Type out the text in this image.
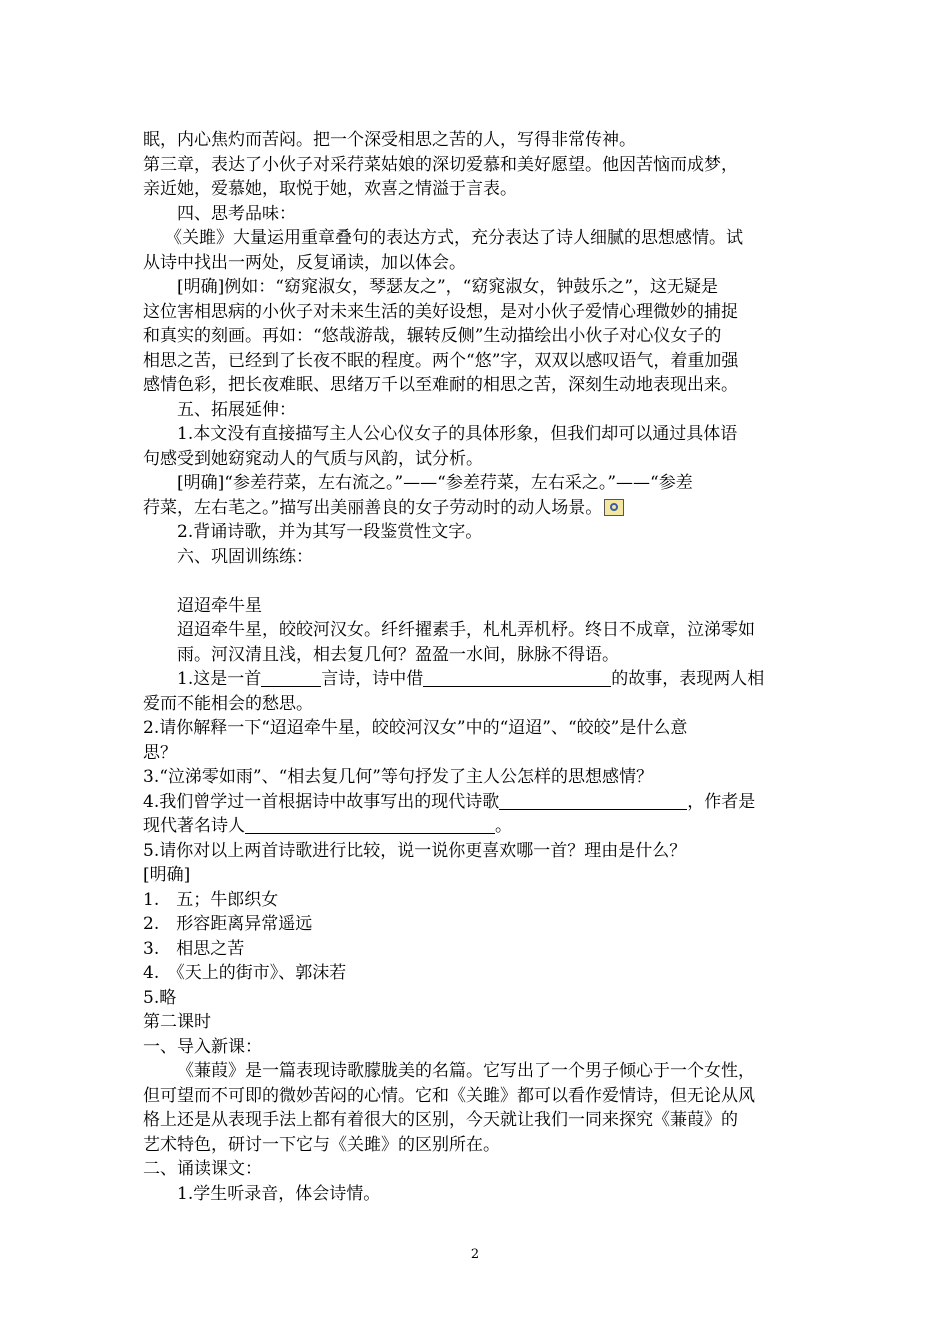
眠，内心焦灼而苦闷。把一个深受相思之苦的人，写得非常传神。
第三章，表达了小伙子对采荇菜姑娘的深切爱慕和美好愿望。他因苦恼而成梦，
亲近她，爱慕她，取悦于她，欢喜之情溢于言表。
四、思考品味：
《关雎》大量运用重章叠句的表达方式，充分表达了诗人细腻的思想感情。试
从诗中找出一两处，反复诵读，加以体会。
[明确]例如：“窈窕淑女，琴瑟友之”，“窈窕淑女，钟鼓乐之”，这无疑是
这位害相思病的小伙子对未来生活的美好设想，是对小伙子爱情心理微妙的捕捉
和真实的刻画。再如：“悠哉游哉，辗转反侧”生动描绘出小伙子对心仪女子的
相思之苦，已经到了长夜不眠的程度。两个“悠”字，双双以感叹语气，着重加强
感情色彩，把长夜难眠、思绪万千以至难耐的相思之苦，深刻生动地表现出来。
五、拓展延伸：
1.本文没有直接描写主人公心仪女子的具体形象，但我们却可以通过具体语
句感受到她窈窕动人的气质与风韵，试分析。
[明确]“参差荇菜，左右流之。”——“参差荇菜，左右采之。”——“参差
荇菜，左右芼之。”描写出美丽善良的女子劳动时的动人场景。
2.背诵诗歌，并为其写一段鉴赏性文字。
六、巩固训练练：
迢迢牵牛星
迢迢牵牛星，皎皎河汉女。纤纤擢素手，札札弄机杼。终日不成章，泣涕零如
雨。河汉清且浅，相去复几何？盈盈一水间，脉脉不得语。
1.这是一首	言诗，诗中借	的故事，表现两人相
爱而不能相会的愁思。
2.请你解释一下“迢迢牵牛星，皎皎河汉女”中的“迢迢”、“皎皎”是什么意
思？
3.“泣涕零如雨”、“相去复几何”等句抒发了主人公怎样的思想感情？
4.我们曾学过一首根据诗中故事写出的现代诗歌	，作者是
现代著名诗人	。
5.请你对以上两首诗歌进行比较，说一说你更喜欢哪一首？理由是什么？
[明确]
1.　五；牛郎织女
2.　形容距离异常遥远
3.　相思之苦
4.　《天上的街市》、郭沫若
5.略
第二课时
一、导入新课：
《蒹葭》是一篇表现诗歌朦胧美的名篇。它写出了一个男子倾心于一个女性，
但可望而不可即的微妙苦闷的心情。它和《关雎》都可以看作爱情诗，但无论从风
格上还是从表现手法上都有着很大的区别，今天就让我们一同来探究《蒹葭》的
艺术特色，研讨一下它与《关雎》的区别所在。
二、诵读课文：
1.学生听录音，体会诗情。
2
